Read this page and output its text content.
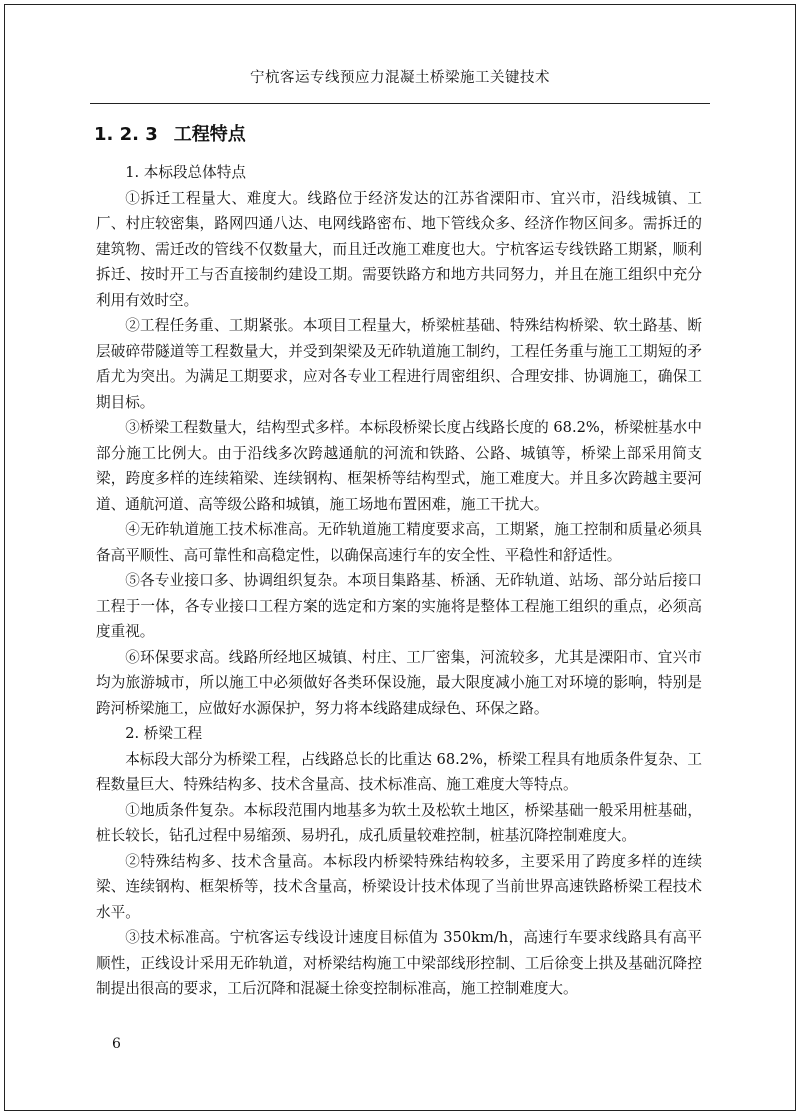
宁杭客运专线预应力混凝土桥梁施工关键技术
1. 2. 3 工程特点

1. 本标段总体特点

①拆迁工程量大、难度大。线路位于经济发达的江苏省溧阳市、宜兴市，沿线城镇、工厂、村庄较密集，路网四通八达、电网线路密布、地下管线众多、经济作物区间多。需拆迁的建筑物、需迁改的管线不仅数量大，而且迁改施工难度也大。宁杭客运专线铁路工期紧，顺利拆迁、按时开工与否直接制约建设工期。需要铁路方和地方共同努力，并且在施工组织中充分利用有效时空。

②工程任务重、工期紧张。本项目工程量大，桥梁桩基础、特殊结构桥梁、软土路基、断层破碎带隧道等工程数量大，并受到架梁及无砟轨道施工制约，工程任务重与施工工期短的矛盾尤为突出。为满足工期要求，应对各专业工程进行周密组织、合理安排、协调施工，确保工期目标。

③桥梁工程数量大，结构型式多样。本标段桥梁长度占线路长度的 68.2%，桥梁桩基水中部分施工比例大。由于沿线多次跨越通航的河流和铁路、公路、城镇等，桥梁上部采用简支梁，跨度多样的连续箱梁、连续钢构、框架桥等结构型式，施工难度大。并且多次跨越主要河道、通航河道、高等级公路和城镇，施工场地布置困难，施工干扰大。

④无砟轨道施工技术标准高。无砟轨道施工精度要求高，工期紧，施工控制和质量必须具备高平顺性、高可靠性和高稳定性，以确保高速行车的安全性、平稳性和舒适性。

⑤各专业接口多、协调组织复杂。本项目集路基、桥涵、无砟轨道、站场、部分站后接口工程于一体，各专业接口工程方案的选定和方案的实施将是整体工程施工组织的重点，必须高度重视。

⑥环保要求高。线路所经地区城镇、村庄、工厂密集，河流较多，尤其是溧阳市、宜兴市均为旅游城市，所以施工中必须做好各类环保设施，最大限度减小施工对环境的影响，特别是跨河桥梁施工，应做好水源保护，努力将本线路建成绿色、环保之路。

2. 桥梁工程

本标段大部分为桥梁工程，占线路总长的比重达 68.2%，桥梁工程具有地质条件复杂、工程数量巨大、特殊结构多、技术含量高、技术标准高、施工难度大等特点。

①地质条件复杂。本标段范围内地基多为软土及松软土地区，桥梁基础一般采用桩基础，桩长较长，钻孔过程中易缩颈、易坍孔，成孔质量较难控制，桩基沉降控制难度大。

②特殊结构多、技术含量高。本标段内桥梁特殊结构较多，主要采用了跨度多样的连续梁、连续钢构、框架桥等，技术含量高，桥梁设计技术体现了当前世界高速铁路桥梁工程技术水平。

③技术标准高。宁杭客运专线设计速度目标值为 350km/h，高速行车要求线路具有高平顺性，正线设计采用无砟轨道，对桥梁结构施工中梁部线形控制、工后徐变上拱及基础沉降控制提出很高的要求，工后沉降和混凝土徐变控制标准高，施工控制难度大。

6
